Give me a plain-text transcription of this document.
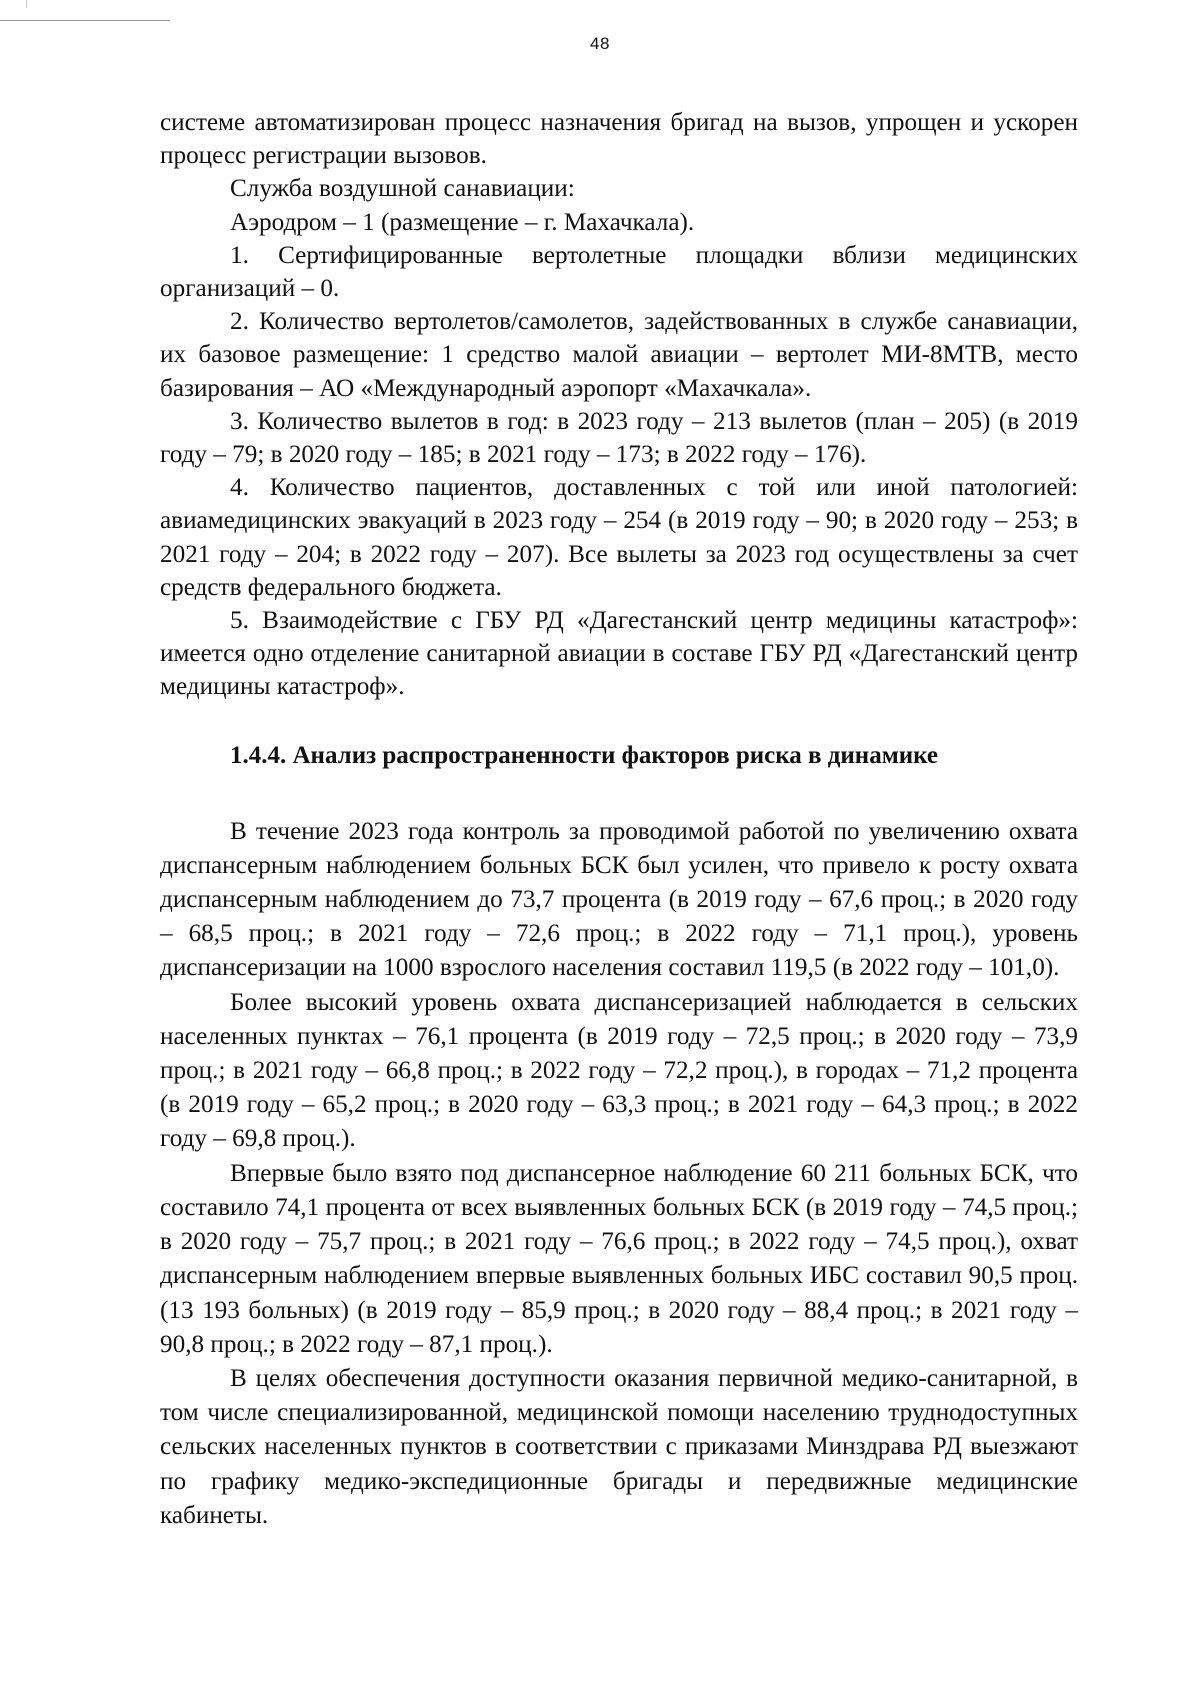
48

системе автоматизирован процесс назначения бригад на вызов, упрощен и ускорен процесс регистрации вызовов.

Служба воздушной санавиации:

Аэродром – 1 (размещение – г. Махачкала).

1. Сертифицированные вертолетные площадки вблизи медицинских организаций – 0.

2. Количество вертолетов/самолетов, задействованных в службе санавиации, их базовое размещение: 1 средство малой авиации – вертолет МИ-8МТВ, место базирования – АО «Международный аэропорт «Махачкала».

3. Количество вылетов в год: в 2023 году – 213 вылетов (план – 205) (в 2019 году – 79; в 2020 году – 185; в 2021 году – 173; в 2022 году – 176).

4. Количество пациентов, доставленных с той или иной патологией: авиамедицинских эвакуаций в 2023 году – 254 (в 2019 году – 90; в 2020 году – 253; в 2021 году – 204; в 2022 году – 207). Все вылеты за 2023 год осуществлены за счет средств федерального бюджета.

5. Взаимодействие с ГБУ РД «Дагестанский центр медицины катастроф»: имеется одно отделение санитарной авиации в составе ГБУ РД «Дагестанский центр медицины катастроф».

1.4.4. Анализ распространенности факторов риска в динамике

В течение 2023 года контроль за проводимой работой по увеличению охвата диспансерным наблюдением больных БСК был усилен, что привело к росту охвата диспансерным наблюдением до 73,7 процента (в 2019 году – 67,6 проц.; в 2020 году – 68,5 проц.; в 2021 году – 72,6 проц.; в 2022 году – 71,1 проц.), уровень диспансеризации на 1000 взрослого населения составил 119,5 (в 2022 году – 101,0).

Более высокий уровень охвата диспансеризацией наблюдается в сельских населенных пунктах – 76,1 процента (в 2019 году – 72,5 проц.; в 2020 году – 73,9 проц.; в 2021 году – 66,8 проц.; в 2022 году – 72,2 проц.), в городах – 71,2 процента (в 2019 году – 65,2 проц.; в 2020 году – 63,3 проц.; в 2021 году – 64,3 проц.; в 2022 году – 69,8 проц.).

Впервые было взято под диспансерное наблюдение 60 211 больных БСК, что составило 74,1 процента от всех выявленных больных БСК (в 2019 году – 74,5 проц.; в 2020 году – 75,7 проц.; в 2021 году – 76,6 проц.; в 2022 году – 74,5 проц.), охват диспансерным наблюдением впервые выявленных больных ИБС составил 90,5 проц. (13 193 больных) (в 2019 году – 85,9 проц.; в 2020 году – 88,4 проц.; в 2021 году – 90,8 проц.; в 2022 году – 87,1 проц.).

В целях обеспечения доступности оказания первичной медико-санитарной, в том числе специализированной, медицинской помощи населению труднодоступных сельских населенных пунктов в соответствии с приказами Минздрава РД выезжают по графику медико-экспедиционные бригады и передвижные медицинские кабинеты.
